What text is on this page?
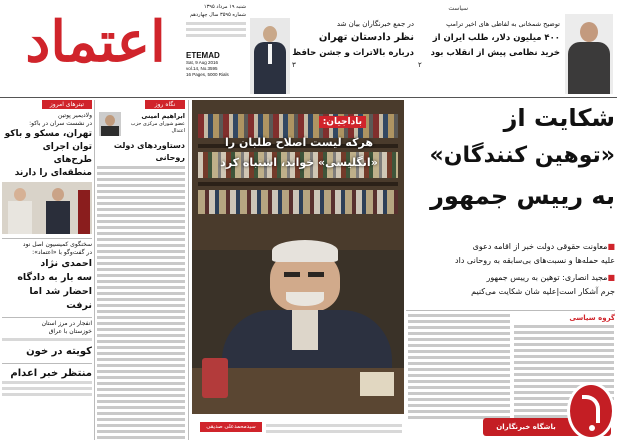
اعتماد
شنبه ۱۹ مرداد ۱۳۹۵
شماره ۳۵۹۵ سال چهاردهم
ETEMAD
Sat, 9 Aug 2016
vol.14, No.3595
16 Pages, 5000 Rials
در جمع خبرنگاران بیان شد
نظر دادستان تهران
درباره بالاترات و جشن حافظ
۳
سیاست
توضیح شمخانی به لفاظی های اخیر ترامپ
۴۰۰ میلیون دلار، طلب ایران از
خرید نظامی پیش از انقلاب بود
۲
تیترهای امروز
ولادیمیر پوتین
در نشست سران در باکو:
تهران، مسکو و باکو
توان اجرای طرح‌های
منطقه‌ای را دارند
سخنگوی کمیسیون اصل نود
در گفت‌وگو با «اعتماد»:
احمدی نژاد
سه بار به دادگاه
احضار شد اما نرفت
انفجار در مرز استان
خوزستان با عراق
کویته در خون
منتظر خبر اعدام
نگاه روز
ابراهیم امینی
عضو شورای مرکزی حزب اعتدال
دستاوردهای دولت روحانی
باداجیان:
هرکه لیست اصلاح طلبان را
«انگلیسی» خواند، اشتباه کرد
سیدمحمدعلی صدیقی
شکایت از
«توهین کنندگان»
به رییس جمهور
■معاونت حقوقی دولت خبر از اقامه دعوی
علیه حمله‌ها و نسبت‌های بی‌سابقه به روحانی داد
■مجید انصاری: توهین به رییس جمهور
جرم آشکار است|علیه شان شکایت می‌کنیم
گروه سیاسی
باشگاه خبرنگاران
